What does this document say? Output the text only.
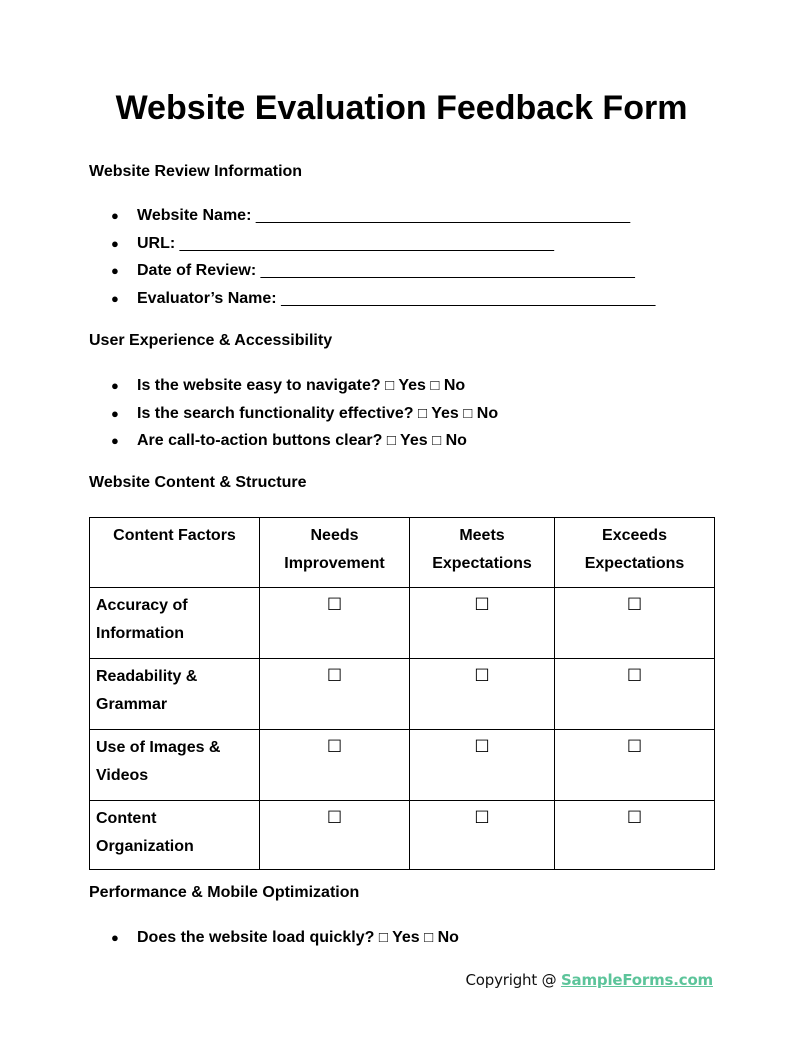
Website Evaluation Feedback Form
Website Review Information
● Website Name: ____________________________________________
● URL: ____________________________________________
● Date of Review: ____________________________________________
● Evaluator’s Name: ____________________________________________
User Experience & Accessibility
● Is the website easy to navigate? □ Yes □ No
● Is the search functionality effective? □ Yes □ No
● Are call-to-action buttons clear? □ Yes □ No
Website Content & Structure
Content Factors	Needs Improvement	Meets Expectations	Exceeds Expectations
Accuracy of Information	☐	☐	☐
Readability & Grammar	☐	☐	☐
Use of Images & Videos	☐	☐	☐

Content Organization	☐	☐	☐
Performance & Mobile Optimization
● Does the website load quickly? □ Yes □ No
Copyright @ SampleForms.com
